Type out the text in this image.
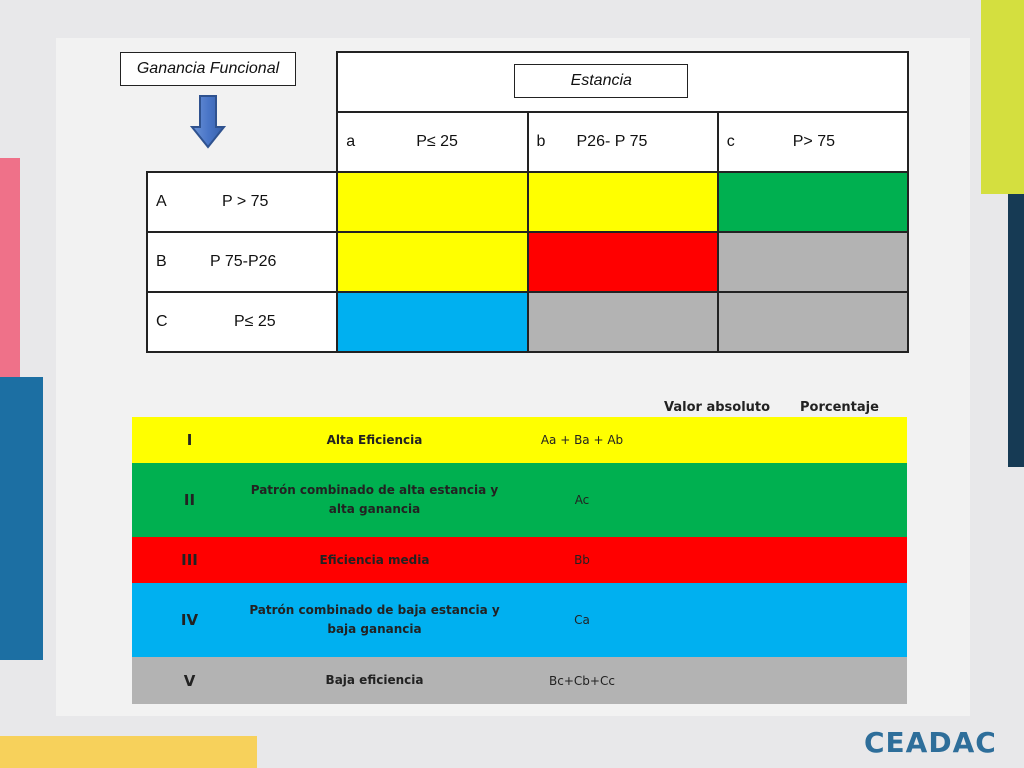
Ganancia Funcional

Estancia		

	a P≤ 25	b P26- P 75	c P> 75

A P > 75			

B P 75-P26			

C P≤ 25			

Valor absoluto Porcentaje
I	Alta Eficiencia	Aa + Ba + Ab	
II	Patrón combinado de alta estancia y alta ganancia	Ac	
III	Eficiencia media	Bb	
IV	Patrón combinado de baja estancia y baja ganancia	Ca	
V	Baja eficiencia	Bc+Cb+Cc	
CEADAC
